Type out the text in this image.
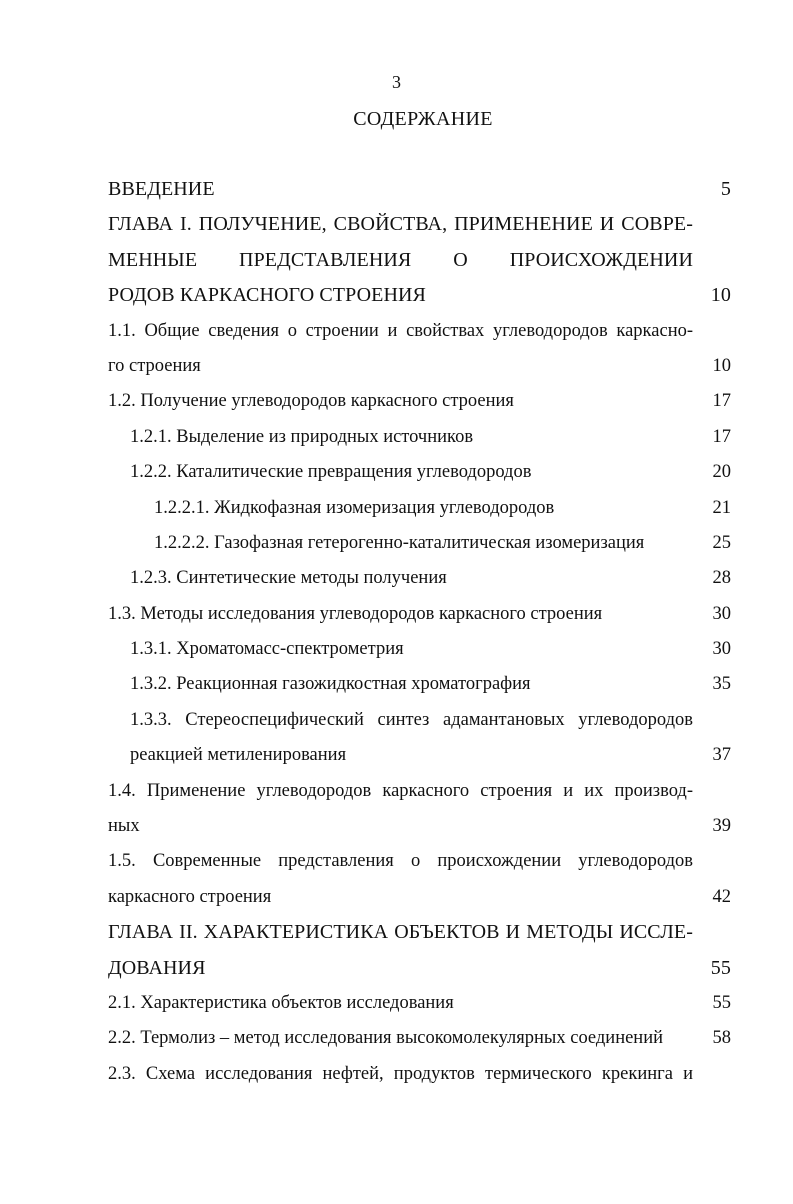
3
СОДЕРЖАНИЕ
ВВЕДЕНИЕ	5
ГЛАВА I. ПОЛУЧЕНИЕ, СВОЙСТВА, ПРИМЕНЕНИЕ И СОВРЕ-
МЕННЫЕ ПРЕДСТАВЛЕНИЯ О ПРОИСХОЖДЕНИИ
РОДОВ КАРКАСНОГО СТРОЕНИЯ	10
1.1. Общие сведения о строении и свойствах углеводородов каркасно-
го строения	10
1.2. Получение углеводородов каркасного строения	17
1.2.1. Выделение из природных источников	17
1.2.2. Каталитические превращения углеводородов	20
1.2.2.1. Жидкофазная изомеризация углеводородов	21
1.2.2.2. Газофазная гетерогенно-каталитическая изомеризация	25
1.2.3. Синтетические методы получения	28
1.3. Методы исследования углеводородов каркасного строения	30
1.3.1. Хроматомасс-спектрометрия	30
1.3.2. Реакционная газожидкостная хроматография	35
1.3.3. Стереоспецифический синтез адамантановых углеводородов
реакцией метиленирования	37
1.4. Применение углеводородов каркасного строения и их производ-
ных	39
1.5. Современные представления о происхождении углеводородов
каркасного строения	42
ГЛАВА II. ХАРАКТЕРИСТИКА ОБЪЕКТОВ И МЕТОДЫ ИССЛЕ-
ДОВАНИЯ	55
2.1. Характеристика объектов исследования	55
2.2. Термолиз – метод исследования высокомолекулярных соединений	58
2.3. Схема исследования нефтей, продуктов термического крекинга и
